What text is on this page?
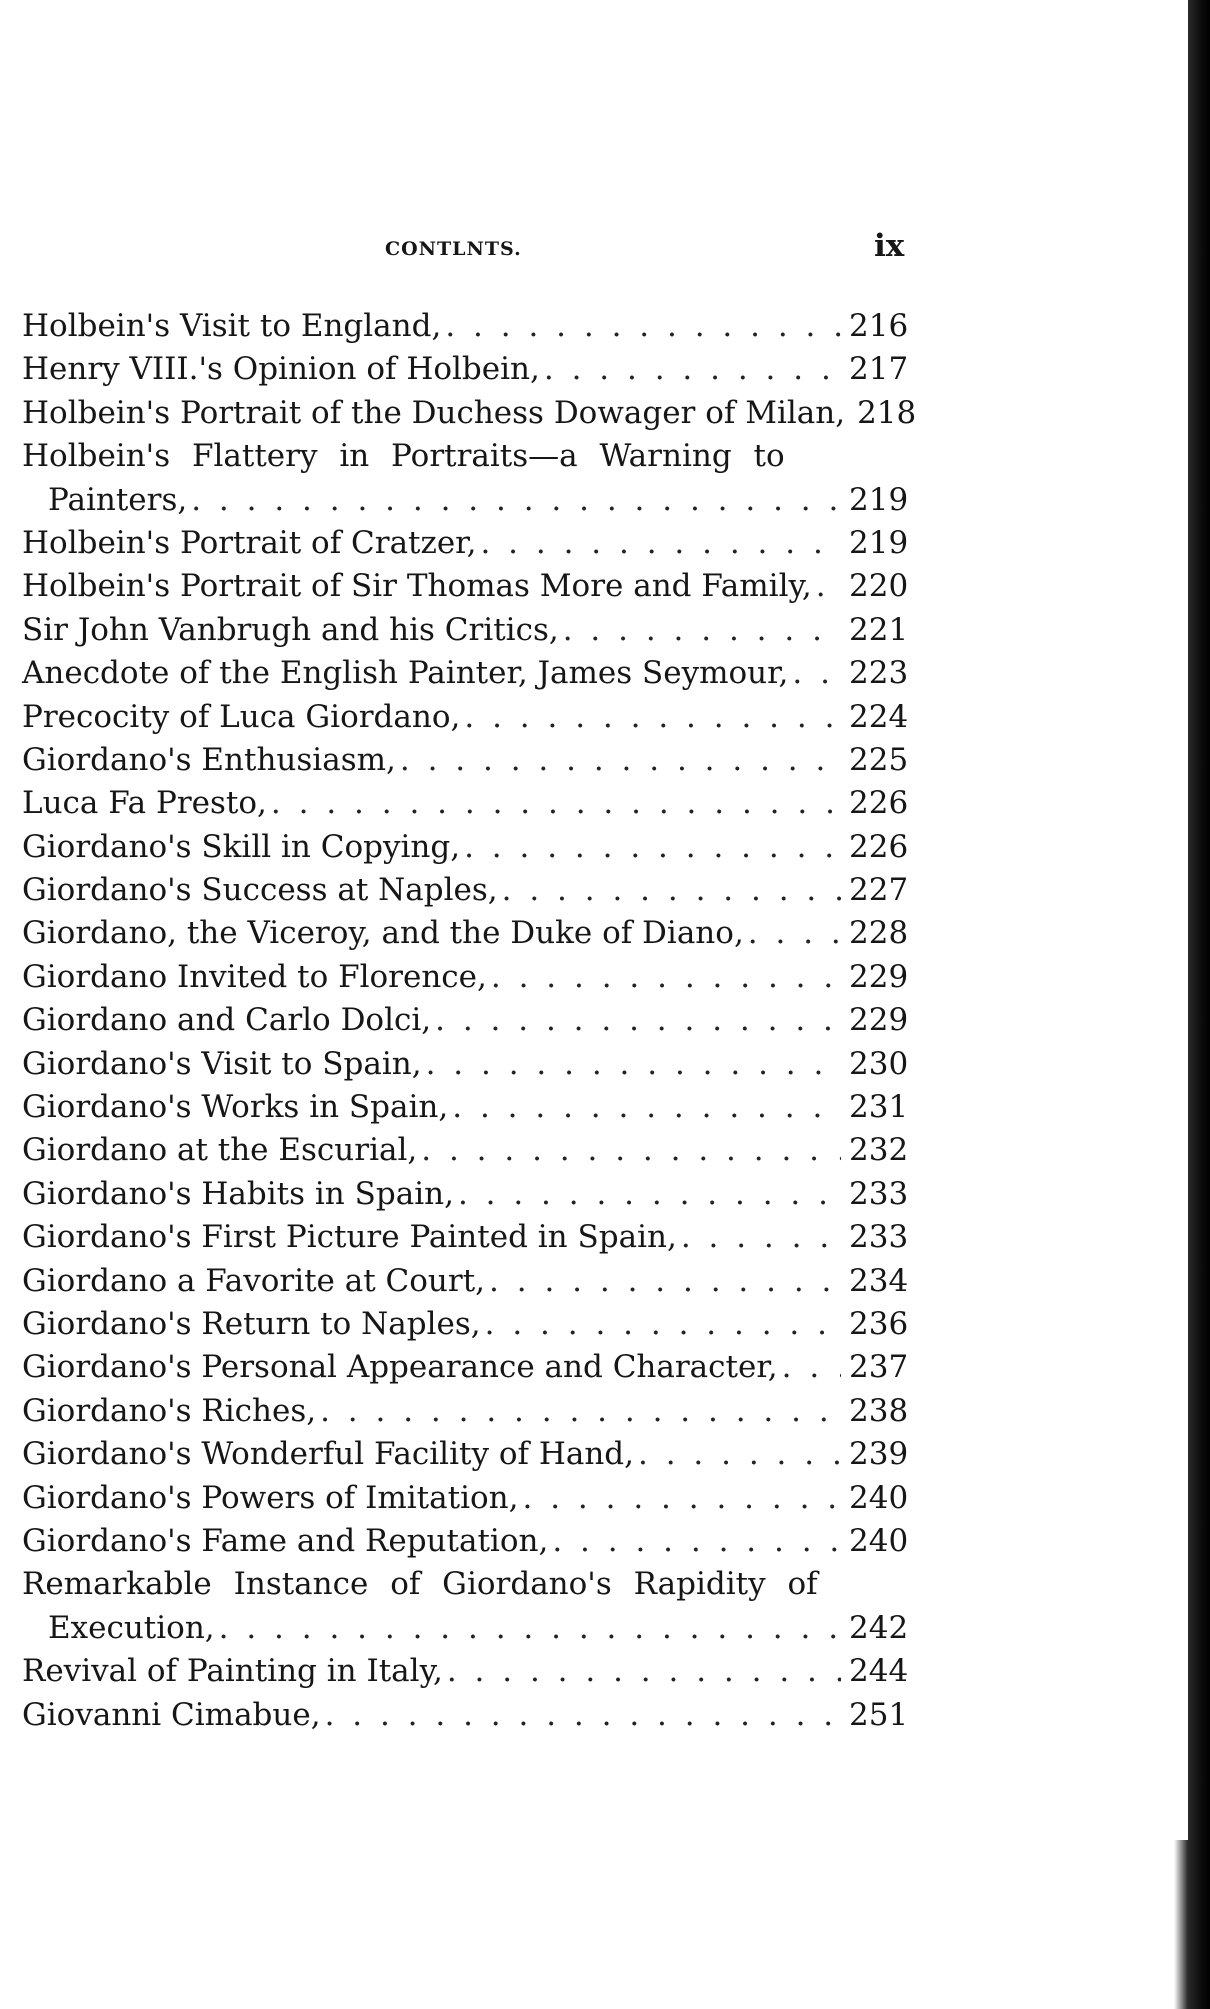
CONTLNTS.	ix
Holbein's Visit to England, . . .	216
Henry VIII.'s Opinion of Holbein, . . .	217
Holbein's Portrait of the Duchess Dowager of Milan, 218
Holbein's Flattery in Portraits—a Warning to
Painters, . . .	219
Holbein's Portrait of Cratzer, . . .	219
Holbein's Portrait of Sir Thomas More and Family, . . . 220
Sir John Vanbrugh and his Critics, . . .	221
Anecdote of the English Painter, James Seymour, . . . 223
Precocity of Luca Giordano, . . .	224
Giordano's Enthusiasm, . . .	225
Luca Fa Presto, . . .	226
Giordano's Skill in Copying, . . .	226
Giordano's Success at Naples, . . .	227
Giordano, the Viceroy, and the Duke of Diano, . . .	228
Giordano Invited to Florence, . . .	229
Giordano and Carlo Dolci, . . .	229
Giordano's Visit to Spain, . . .	230
Giordano's Works in Spain, . . .	231
Giordano at the Escurial, . . .	232
Giordano's Habits in Spain, . . .	233
Giordano's First Picture Painted in Spain, . . .	233
Giordano a Favorite at Court, . . .	234
Giordano's Return to Naples, . . .	236
Giordano's Personal Appearance and Character, . . . 237
Giordano's Riches, . . .	238
Giordano's Wonderful Facility of Hand, . . .	239
Giordano's Powers of Imitation, . . .	240
Giordano's Fame and Reputation, . . .	240
Remarkable Instance of Giordano's Rapidity of
Execution, . . .	242
Revival of Painting in Italy, . . .	244
Giovanni Cimabue, . . .	251
